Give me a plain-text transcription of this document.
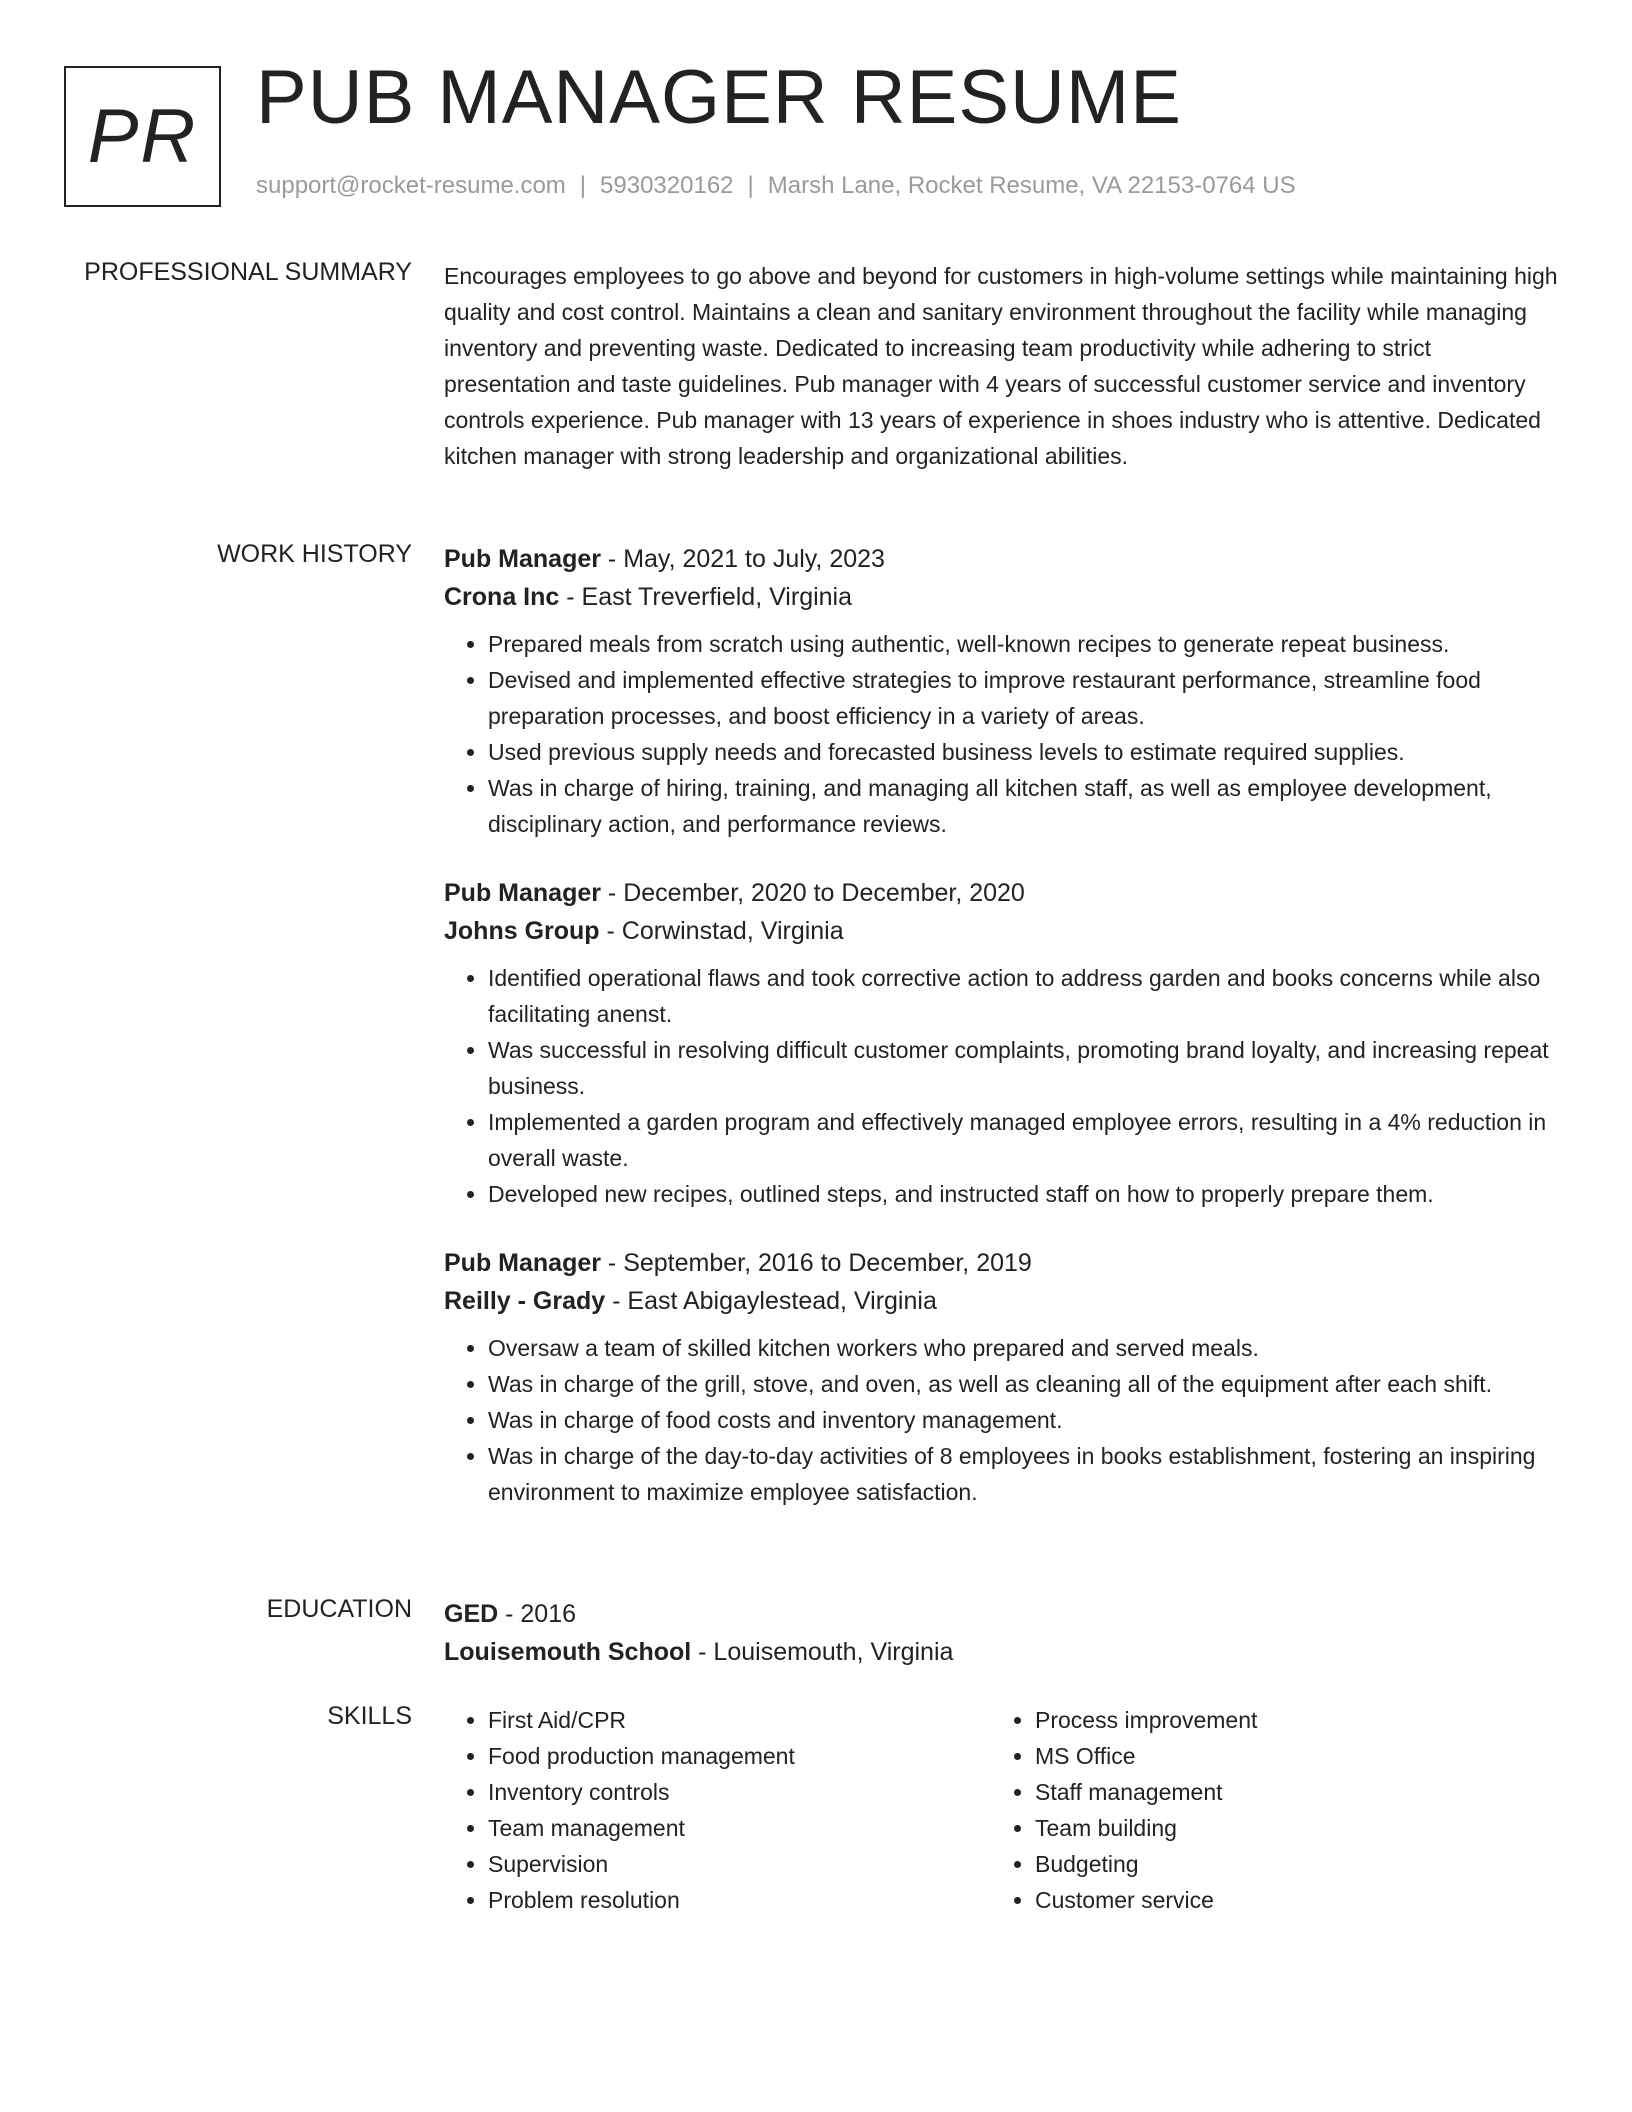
PR PUB MANAGER RESUME
support@rocket-resume.com | 5930320162 | Marsh Lane, Rocket Resume, VA 22153-0764 US
PROFESSIONAL SUMMARY Encourages employees to go above and beyond for customers in high-volume settings while maintaining high quality and cost control. Maintains a clean and sanitary environment throughout the facility while managing inventory and preventing waste. Dedicated to increasing team productivity while adhering to strict presentation and taste guidelines. Pub manager with 4 years of successful customer service and inventory controls experience. Pub manager with 13 years of experience in shoes industry who is attentive. Dedicated kitchen manager with strong leadership and organizational abilities.

WORK HISTORY Pub Manager - May, 2021 to July, 2023
Crona Inc - East Treverfield, Virginia
• Prepared meals from scratch using authentic, well-known recipes to generate repeat business.
• Devised and implemented effective strategies to improve restaurant performance, streamline food preparation processes, and boost efficiency in a variety of areas.
• Used previous supply needs and forecasted business levels to estimate required supplies.
• Was in charge of hiring, training, and managing all kitchen staff, as well as employee development, disciplinary action, and performance reviews.
Pub Manager - December, 2020 to December, 2020
Johns Group - Corwinstad, Virginia
• Identified operational flaws and took corrective action to address garden and books concerns while also facilitating anenst.
• Was successful in resolving difficult customer complaints, promoting brand loyalty, and increasing repeat business.
• Implemented a garden program and effectively managed employee errors, resulting in a 4% reduction in overall waste.
• Developed new recipes, outlined steps, and instructed staff on how to properly prepare them.
Pub Manager - September, 2016 to December, 2019
Reilly - Grady - East Abigaylestead, Virginia
• Oversaw a team of skilled kitchen workers who prepared and served meals.
• Was in charge of the grill, stove, and oven, as well as cleaning all of the equipment after each shift.
• Was in charge of food costs and inventory management.
• Was in charge of the day-to-day activities of 8 employees in books establishment, fostering an inspiring environment to maximize employee satisfaction.
EDUCATION GED - 2016
Louisemouth School - Louisemouth, Virginia
SKILLS
•	First Aid/CPR
• Food production management
• Inventory controls
• Team management
• Supervision
• Problem resolution
• Process improvement
• MS Office
• Staff management
• Team building
• Budgeting
• Customer service
